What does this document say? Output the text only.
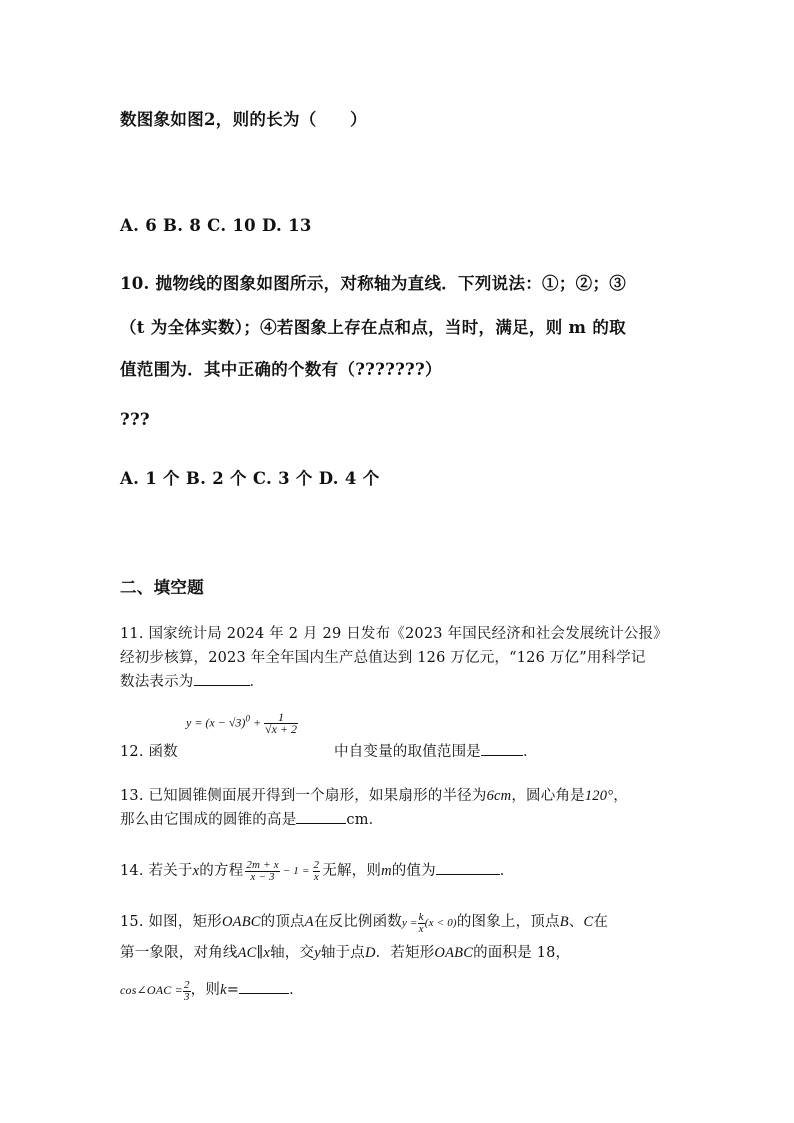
数图象如图2，则的长为（　　）
A. 6 B. 8 C. 10 D. 13
10. 抛物线的图象如图所示，对称轴为直线．下列说法：①；②；③
（t 为全体实数）；④若图象上存在点和点，当时，满足，则 m 的取
值范围为．其中正确的个数有（???????）
???
A. 1 个 B. 2 个 C. 3 个 D. 4 个
二、填空题
11. 国家统计局 2024 年 2 月 29 日发布《2023 年国民经济和社会发展统计公报》
经初步核算，2023 年全年国内生产总值达到 126 万亿元，“126 万亿”用科学记
数法表示为	．
12. 函数
$y = (x - √3)^0 + \frac{1}{√x + 2}$
中自变量的取值范围是	．
13. 已知圆锥侧面展开得到一个扇形，如果扇形的半径为6cm，圆心角是120°，
那么由它围成的圆锥的高是	cm．
14. 若关于x的方程 $\frac{2m + x}{x - 3} - 1 = \frac{2}{x}$ 无解，则m的值为	．
15. 如图，矩形OABC的顶点A在反比例函数$y = \frac{k}{x} (x < 0)$的图象上，顶点B、C在
第一象限，对角线AC∥x轴，交y轴于点D．若矩形OABC的面积是 18，
cos∠OAC = $\frac{2}{3}$ ，则k=	．
